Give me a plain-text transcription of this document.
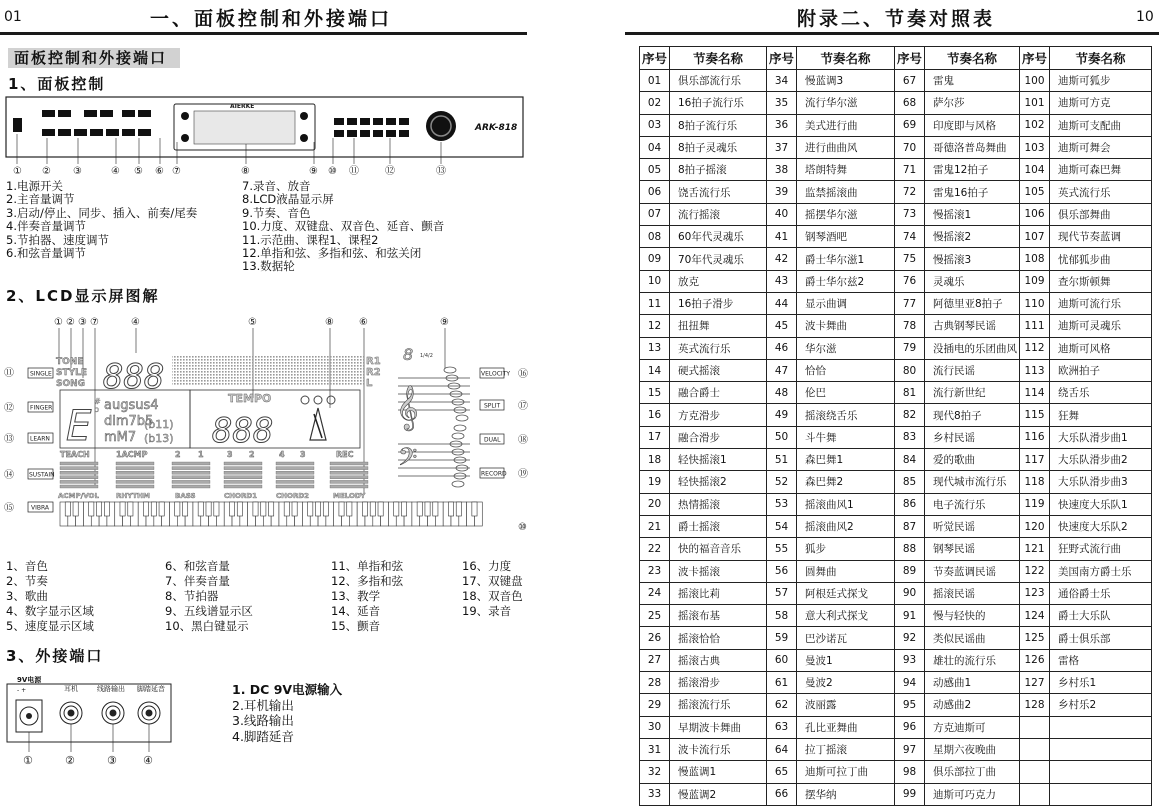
01	一、面板控制和外接端口
面板控制和外接端口
1、面板控制
AIERKE
ARK-818
① ② ③	④ ⑤ ⑥ ⑦	⑧	⑨ ⑩ ⑪	⑫	⑬
1.电源开关
2.主音量调节
3.启动/停止、同步、插入、前奏/尾奏
4.伴奏音量调节
5.节拍器、速度调节
6.和弦音量调节
7.录音、放音
8.LCD液晶显示屏
9.节奏、音色
10.力度、双键盘、双音色、延音、颤音
11.示范曲、课程1、课程2
12.单指和弦、多指和弦、和弦关闭
13.数据轮
2、LCD显示屏图解
① ② ③ ⑦	④	⑤	⑧	⑥	⑨
⑪	SINGLE
⑫	FINGER
⑬	LEARN
⑭	SUSTAIN
⑮	VIBRA
VELOCITY ⑯
SPLIT ⑰
DUAL ⑱
RECORD ⑲
TONE
STYLE
SONG 888	R1
R2
L
E #
b augsus4
dim7b5
mM7
(b11)
(b13)
TEMPO
888
8 1/4/2
𝄞
𝄢
TEACH	1ACMP	2 1	3 2	4 3	REC
ACMP/VOL RHYTHM	BASS	CHORD1	CHORD2	MELODY
⑩
1、音色
2、节奏
3、歌曲
4、数字显示区域
5、速度显示区域
6、和弦音量
7、伴奏音量
8、节拍器
9、五线谱显示区
10、黑白键显示
11、单指和弦
12、多指和弦
13、教学
14、延音
15、颤音
16、力度
17、双键盘
18、双音色
19、录音
3、外接端口
9V电源
耳机	线路输出 脚踏延音
- +
①	②	③ ④
1. DC 9V电源输入
2.耳机输出
3.线路输出
4.脚踏延音
附录二、节奏对照表	10
序号	节奏名称	序号	节奏名称	序号	节奏名称	序号	节奏名称
01	俱乐部流行乐	34	慢蓝调3	67	雷鬼	100	迪斯可狐步
02	16拍子流行乐	35	流行华尔滋	68	萨尔莎	101	迪斯可方克
03	8拍子流行乐	36	美式进行曲	69	印度即与风格	102	迪斯可支配曲
04	8拍子灵魂乐	37	进行曲曲风	70	哥德洛普岛舞曲	103	迪斯可舞会
05	8拍子摇滚	38	塔朗特舞	71	雷鬼12拍子	104	迪斯可森巴舞
06	饶舌流行乐	39	监禁摇滚曲	72	雷鬼16拍子	105	英式流行乐
07	流行摇滚	40	摇摆华尔滋	73	慢摇滚1	106	俱乐部舞曲
08	60年代灵魂乐	41	钢琴酒吧	74	慢摇滚2	107	现代节奏蓝调
09	70年代灵魂乐	42	爵士华尔滋1	75	慢摇滚3	108	忧郁狐步曲
10	放克	43	爵士华尔兹2	76	灵魂乐	109	查尔斯顿舞
11	16拍子滑步	44	显示曲调	77	阿德里亚8拍子	110	迪斯可流行乐
12	扭扭舞	45	波卡舞曲	78	古典钢琴民谣	111	迪斯可灵魂乐
13	英式流行乐	46	华尔滋	79	没插电的乐团曲风	112	迪斯可风格
14	硬式摇滚	47	恰恰	80	流行民谣	113	欧洲拍子
15	融合爵士	48	伦巴	81	流行新世纪	114	绕舌乐
16	方克滑步	49	摇滚绕舌乐	82	现代8拍子	115	狂舞
17	融合滑步	50	斗牛舞	83	乡村民谣	116	大乐队滑步曲1
18	轻快摇滚1	51	森巴舞1	84	爱的歌曲	117	大乐队滑步曲2
19	轻快摇滚2	52	森巴舞2	85	现代城市流行乐	118	大乐队滑步曲3
20	热情摇滚	53	摇滚曲风1	86	电子流行乐	119	快速度大乐队1
21	爵士摇滚	54	摇滚曲风2	87	听觉民谣	120	快速度大乐队2
22	快的福音音乐	55	狐步	88	钢琴民谣	121	狂野式流行曲
23	波卡摇滚	56	圆舞曲	89	节奏蓝调民谣	122	美国南方爵士乐
24	摇滚比莉	57	阿根廷式探戈	90	摇滚民谣	123	通俗爵士乐
25	摇滚布基	58	意大利式探戈	91	慢与轻快的	124	爵士大乐队
26	摇滚恰恰	59	巴沙诺瓦	92	类似民谣曲	125	爵士俱乐部
27	摇滚古典	60	曼波1	93	雄壮的流行乐	126	雷格
28	摇滚滑步	61	曼波2	94	动感曲1	127	乡村乐1
29	摇滚流行乐	62	波丽露	95	动感曲2	128	乡村乐2
30	早期波卡舞曲	63	孔比亚舞曲	96	方克迪斯可		
31	波卡流行乐	64	拉丁摇滚	97	星期六夜晚曲		
32	慢蓝调1	65	迪斯可拉丁曲	98	俱乐部拉丁曲		
33	慢蓝调2	66	摆华纳	99	迪斯可巧克力		
